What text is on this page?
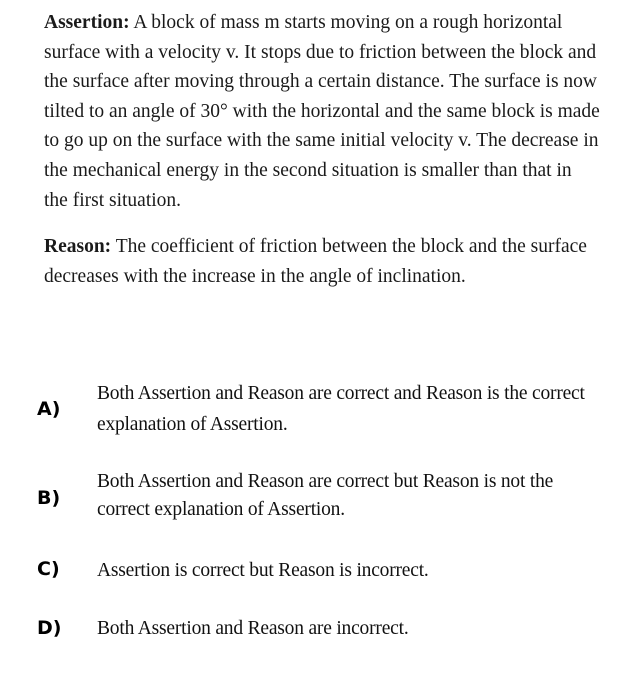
Assertion: A block of mass m starts moving on a rough horizontal surface with a velocity v. It stops due to friction between the block and the surface after moving through a certain distance. The surface is now tilted to an angle of 30° with the horizontal and the same block is made to go up on the surface with the same initial velocity v. The decrease in the mechanical energy in the second situation is smaller than that in the first situation.

Reason: The coefficient of friction between the block and the surface decreases with the increase in the angle of inclination.

A)
Both Assertion and Reason are correct and Reason is the correct explanation of Assertion.
B)
Both Assertion and Reason are correct but Reason is not the correct explanation of Assertion.
C) Assertion is correct but Reason is incorrect.
D) Both Assertion and Reason are incorrect.
